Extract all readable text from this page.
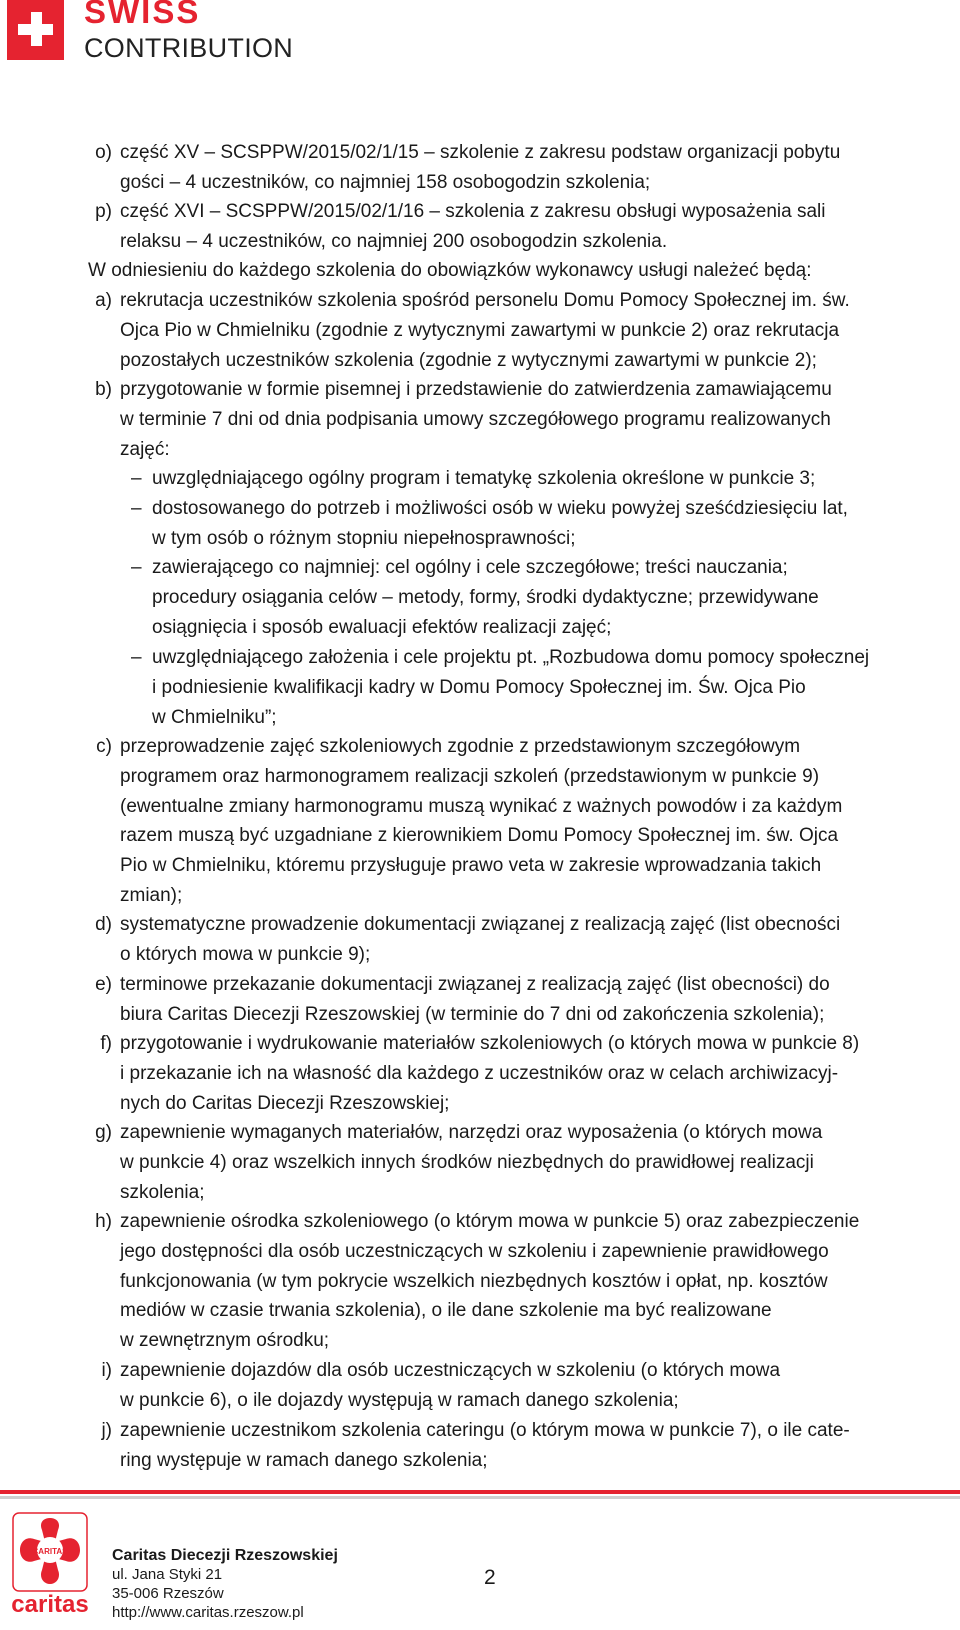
SWISS
CONTRIBUTION
o) część XV – SCSPPW/2015/02/1/15 – szkolenie z zakresu podstaw organizacji pobytu
gości – 4 uczestników, co najmniej 158 osobogodzin szkolenia;
p) część XVI – SCSPPW/2015/02/1/16 – szkolenia z zakresu obsługi wyposażenia sali
relaksu – 4 uczestników, co najmniej 200 osobogodzin szkolenia.
W odniesieniu do każdego szkolenia do obowiązków wykonawcy usługi należeć będą:
a) rekrutacja uczestników szkolenia spośród personelu Domu Pomocy Społecznej im. św.
Ojca Pio w Chmielniku (zgodnie z wytycznymi zawartymi w punkcie 2) oraz rekrutacja
pozostałych uczestników szkolenia (zgodnie z wytycznymi zawartymi w punkcie 2);
b) przygotowanie w formie pisemnej i przedstawienie do zatwierdzenia zamawiającemu
w terminie 7 dni od dnia podpisania umowy szczegółowego programu realizowanych
zajęć:
– uwzględniającego ogólny program i tematykę szkolenia określone w punkcie 3;
– dostosowanego do potrzeb i możliwości osób w wieku powyżej sześćdziesięciu lat,
w tym osób o różnym stopniu niepełnosprawności;
– zawierającego co najmniej: cel ogólny i cele szczegółowe; treści nauczania;
procedury osiągania celów – metody, formy, środki dydaktyczne; przewidywane
osiągnięcia i sposób ewaluacji efektów realizacji zajęć;
– uwzględniającego założenia i cele projektu pt. „Rozbudowa domu pomocy społecznej
i podniesienie kwalifikacji kadry w Domu Pomocy Społecznej im. Św. Ojca Pio
w Chmielniku”;
c) przeprowadzenie zajęć szkoleniowych zgodnie z przedstawionym szczegółowym
programem oraz harmonogramem realizacji szkoleń (przedstawionym w punkcie 9)
(ewentualne zmiany harmonogramu muszą wynikać z ważnych powodów i za każdym
razem muszą być uzgadniane z kierownikiem Domu Pomocy Społecznej im. św. Ojca
Pio w Chmielniku, któremu przysługuje prawo veta w zakresie wprowadzania takich
zmian);
d) systematyczne prowadzenie dokumentacji związanej z realizacją zajęć (list obecności
o których mowa w punkcie 9);
e) terminowe przekazanie dokumentacji związanej z realizacją zajęć (list obecności) do
biura Caritas Diecezji Rzeszowskiej (w terminie do 7 dni od zakończenia szkolenia);
f) przygotowanie i wydrukowanie materiałów szkoleniowych (o których mowa w punkcie 8)
i przekazanie ich na własność dla każdego z uczestników oraz w celach archiwizacyj-
nych do Caritas Diecezji Rzeszowskiej;
g) zapewnienie wymaganych materiałów, narzędzi oraz wyposażenia (o których mowa
w punkcie 4) oraz wszelkich innych środków niezbędnych do prawidłowej realizacji
szkolenia;
h) zapewnienie ośrodka szkoleniowego (o którym mowa w punkcie 5) oraz zabezpieczenie
jego dostępności dla osób uczestniczących w szkoleniu i zapewnienie prawidłowego
funkcjonowania (w tym pokrycie wszelkich niezbędnych kosztów i opłat, np. kosztów
mediów w czasie trwania szkolenia), o ile dane szkolenie ma być realizowane
w zewnętrznym ośrodku;
i) zapewnienie dojazdów dla osób uczestniczących w szkoleniu (o których mowa
w punkcie 6), o ile dojazdy występują w ramach danego szkolenia;
j) zapewnienie uczestnikom szkolenia cateringu (o którym mowa w punkcie 7), o ile cate-
ring występuje w ramach danego szkolenia;
CARITAS
caritas
Caritas Diecezji Rzeszowskiej
ul. Jana Styki 21
35-006 Rzeszów
http://www.caritas.rzeszow.pl
2
